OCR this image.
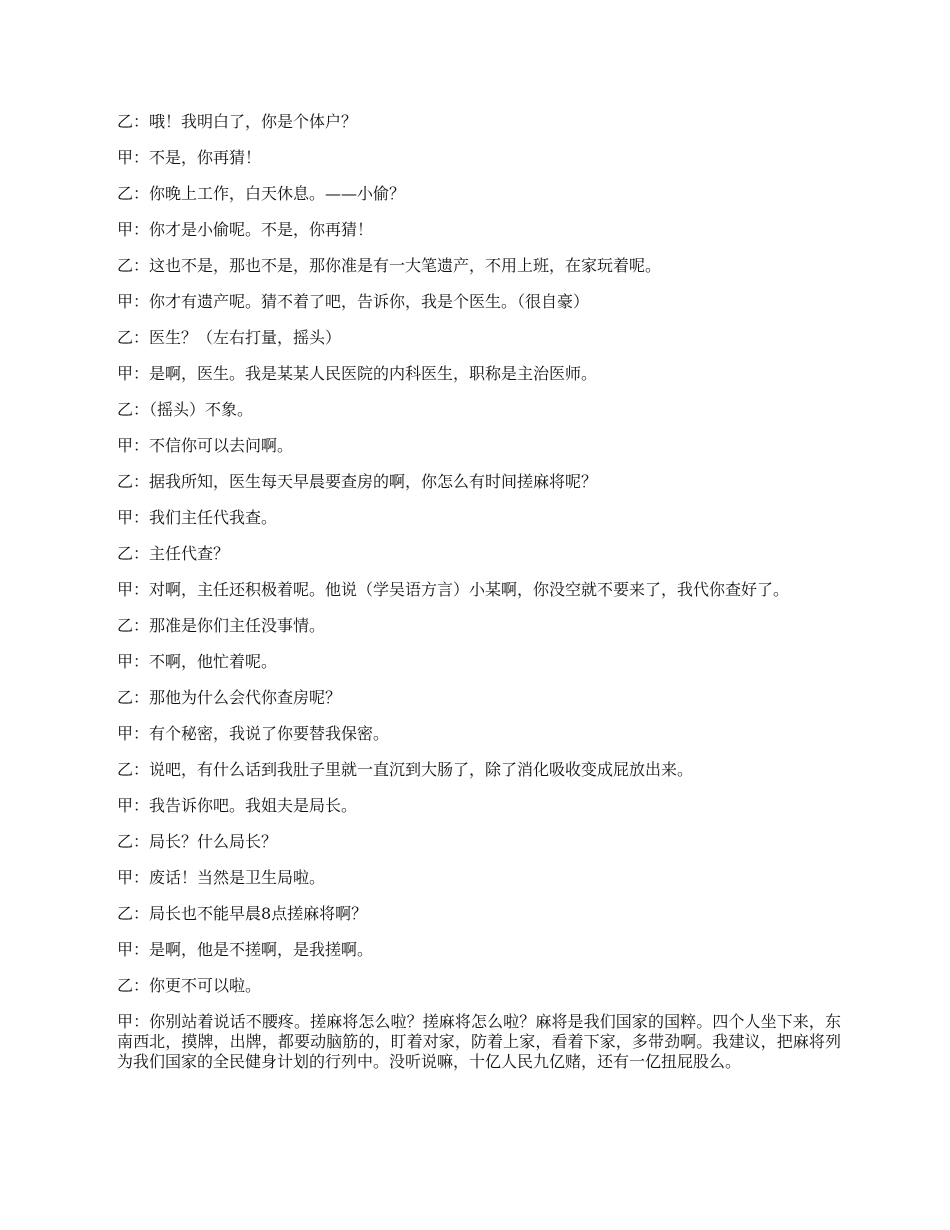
乙：哦！我明白了，你是个体户？

甲：不是，你再猜！

乙：你晚上工作，白天休息。——小偷？

甲：你才是小偷呢。不是，你再猜！

乙：这也不是，那也不是，那你准是有一大笔遗产，不用上班，在家玩着呢。

甲：你才有遗产呢。猜不着了吧，告诉你，我是个医生。（很自豪）

乙：医生？（左右打量，摇头）

甲：是啊，医生。我是某某人民医院的内科医生，职称是主治医师。

乙：（摇头）不象。

甲：不信你可以去问啊。

乙：据我所知，医生每天早晨要查房的啊，你怎么有时间搓麻将呢？

甲：我们主任代我查。

乙：主任代查？

甲：对啊，主任还积极着呢。他说（学吴语方言）小某啊，你没空就不要来了，我代你查好了。

乙：那准是你们主任没事情。

甲：不啊，他忙着呢。

乙：那他为什么会代你查房呢？

甲：有个秘密，我说了你要替我保密。

乙：说吧，有什么话到我肚子里就一直沉到大肠了，除了消化吸收变成屁放出来。

甲：我告诉你吧。我姐夫是局长。

乙：局长？什么局长？

甲：废话！当然是卫生局啦。

乙：局长也不能早晨8点搓麻将啊？

甲：是啊，他是不搓啊，是我搓啊。

乙：你更不可以啦。

甲：你别站着说话不腰疼。搓麻将怎么啦？搓麻将怎么啦？麻将是我们国家的国粹。四个人坐下来，东南西北，摸牌，出牌，都要动脑筋的，盯着对家，防着上家，看着下家，多带劲啊。我建议，把麻将列为我们国家的全民健身计划的行列中。没听说嘛，十亿人民九亿赌，还有一亿扭屁股么。
